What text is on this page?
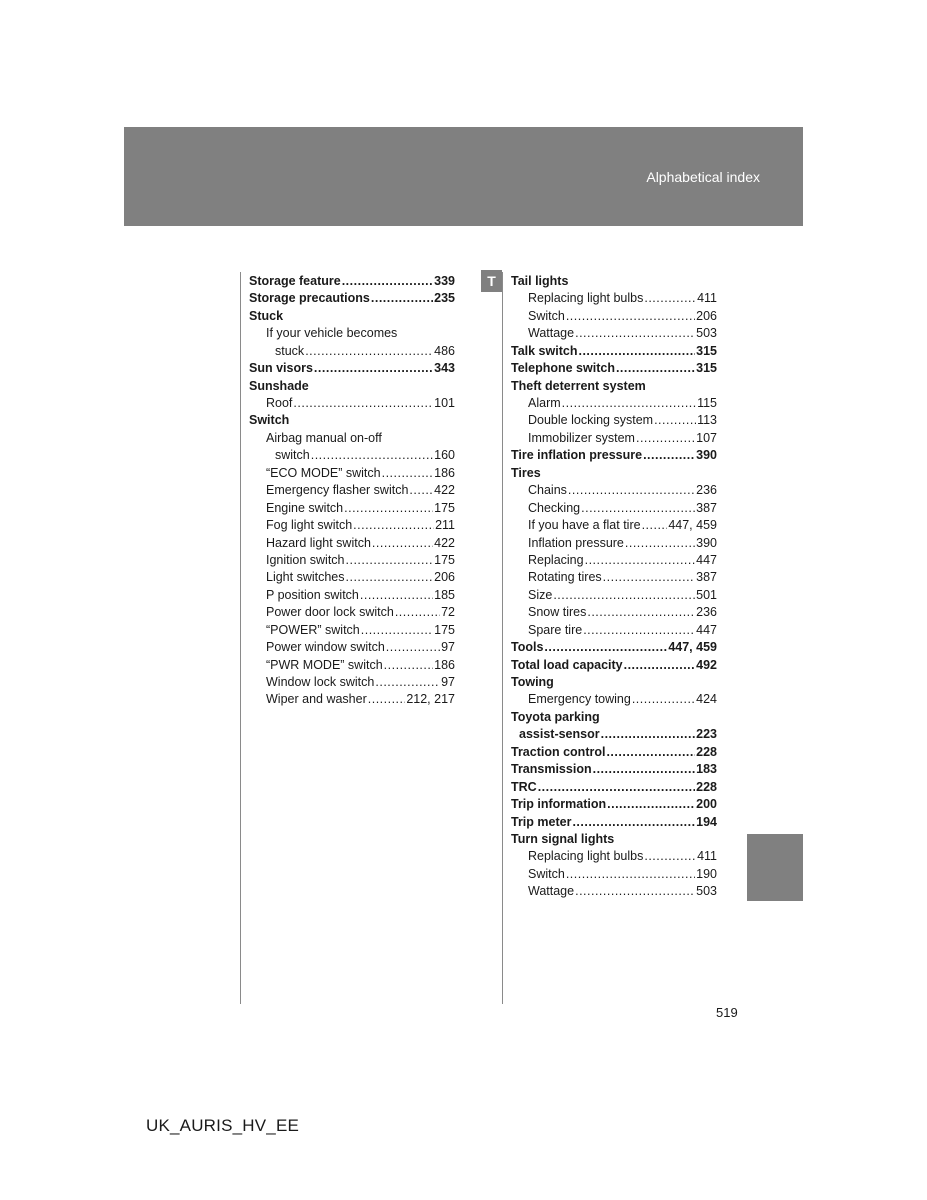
Alphabetical index
T
Storage feature .....	339
Storage precautions .....	235
Stuck
If your vehicle becomes
stuck .....	486
Sun visors .....	343
Sunshade
Roof .....	101
Switch
Airbag manual on-off
switch .....	160
“ECO MODE” switch .....	186
Emergency flasher switch ..... 422
Engine switch .....	175
Fog light switch .....	211
Hazard light switch .....	422
Ignition switch .....	175
Light switches .....	206
P position switch .....	185
Power door lock switch .....	72
“POWER” switch .....	175
Power window switch .....	97
“PWR MODE” switch .....	186
Window lock switch .....	97
Wiper and washer .....	212, 217
Tail lights
Replacing light bulbs .....	411
Switch .....	206
Wattage .....	503
Talk switch .....	315
Telephone switch .....	315
Theft deterrent system
Alarm .....	115
Double locking system .....	113
Immobilizer system .....	107
Tire inflation pressure .....	390
Tires
Chains .....	236
Checking .....	387
If you have a flat tire ..... 447, 459
Inflation pressure .....	390
Replacing .....	447
Rotating tires .....	387
Size .....	501
Snow tires .....	236
Spare tire .....	447
Tools .....	447, 459
Total load capacity .....	492
Towing
Emergency towing .....	424
Toyota parking
assist-sensor .....	223
Traction control .....	228
Transmission .....	183
TRC .....	228
Trip information .....	200
Trip meter .....	194
Turn signal lights
Replacing light bulbs .....	411
Switch .....	190
Wattage .....	503
519
UK_AURIS_HV_EE
